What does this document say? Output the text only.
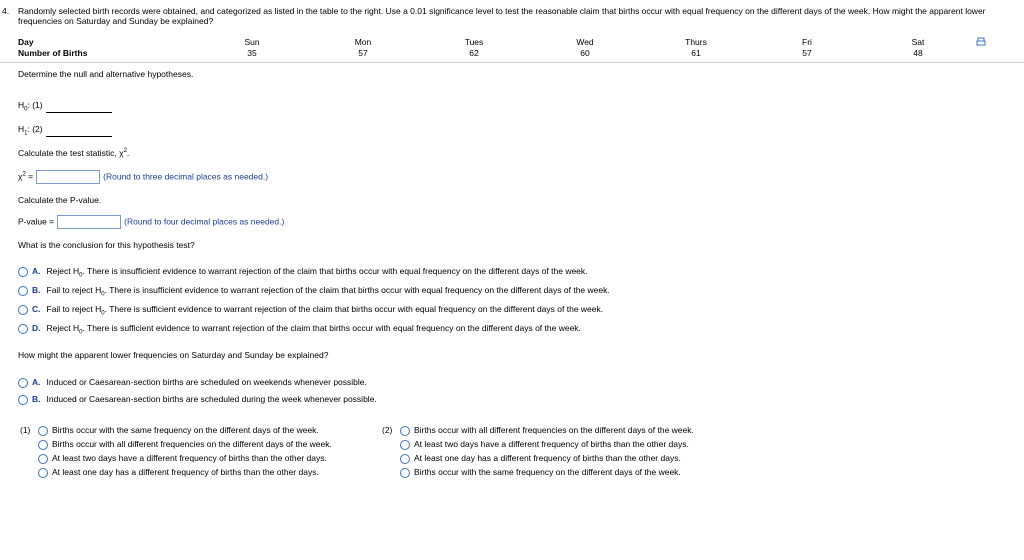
4. Randomly selected birth records were obtained, and categorized as listed in the table to the right. Use a 0.01 significance level to test the reasonable claim that births occur with equal frequency on the different days of the week. How might the apparent lower frequencies on Saturday and Sunday be explained?
Day
Number of Births
Sun	Mon	Tues	Wed	Thurs	Fri	Sat
35	57	62	60	61	57	48
Determine the null and alternative hypotheses.
$H_0$: (1)
$H_1$: (2)
Calculate the test statistic, $\chi^2$.
$\chi^2$ =	(Round to three decimal places as needed.)
Calculate the P-value.
P-value =	(Round to four decimal places as needed.)
What is the conclusion for this hypothesis test?
A. Reject $H_0$. There is insufficient evidence to warrant rejection of the claim that births occur with equal frequency on the different days of the week.
B. Fail to reject $H_0$. There is insufficient evidence to warrant rejection of the claim that births occur with equal frequency on the different days of the week.
C. Fail to reject $H_0$. There is sufficient evidence to warrant rejection of the claim that births occur with equal frequency on the different days of the week.
D. Reject $H_0$. There is sufficient evidence to warrant rejection of the claim that births occur with equal frequency on the different days of the week.
How might the apparent lower frequencies on Saturday and Sunday be explained?
A. Induced or Caesarean-section births are scheduled on weekends whenever possible.
B. Induced or Caesarean-section births are scheduled during the week whenever possible.
(1)	Births occur with the same frequency on the different days of the week.
Births occur with all different frequencies on the different days of the week.
At least two days have a different frequency of births than the other days.
At least one day has a different frequency of births than the other days.
(2)	Births occur with all different frequencies on the different days of the week.
At least two days have a different frequency of births than the other days.
At least one day has a different frequency of births than the other days.
Births occur with the same frequency on the different days of the week.
